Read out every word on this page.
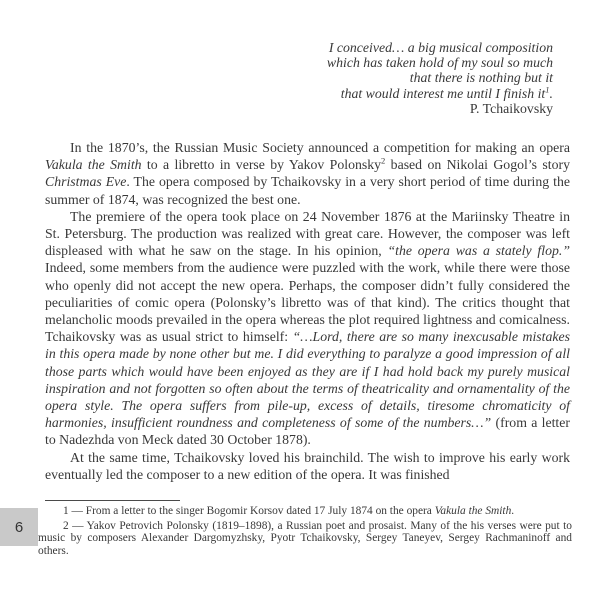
I conceived… a big musical composition
which has taken hold of my soul so much
that there is nothing but it
that would interest me until I finish $it^1$.
P. Tchaikovsky

In the 1870’s, the Russian Music Society announced a competition for making an opera Vakula the Smith to a libretto in verse by Yakov Polonsky$^2$ based on Nikolai Gogol’s story Christmas Eve. The opera composed by Tchaikovsky in a very short period of time during the summer of 1874, was recognized the best one.

The premiere of the opera took place on 24 November 1876 at the Mariinsky Theatre in St. Petersburg. The production was realized with great care. However, the composer was left displeased with what he saw on the stage. In his opinion, “the opera was a stately flop.” Indeed, some members from the audience were puzzled with the work, while there were those who openly did not accept the new opera. Perhaps, the composer didn’t fully considered the peculiarities of comic opera (Polonsky’s libretto was of that kind). The critics thought that melancholic moods prevailed in the opera whereas the plot required lightness and comicalness. Tchaikovsky was as usual strict to himself: “…Lord, there are so many inexcusable mistakes in this opera made by none other but me. I did everything to paralyze a good impression of all those parts which would have been enjoyed as they are if I had hold back my purely musical inspiration and not forgotten so often about the terms of theatricality and ornamentality of the opera style. The opera suffers from pile-up, excess of details, tiresome chromaticity of harmonies, insufficient roundness and completeness of some of the numbers…” (from a letter to Nadezhda von Meck dated 30 October 1878).

At the same time, Tchaikovsky loved his brainchild. The wish to improve his early work eventually led the composer to a new edition of the opera. It was finished

1 — From a letter to the singer Bogomir Korsov dated 17 July 1874 on the opera Vakula the Smith.

2 — Yakov Petrovich Polonsky (1819–1898), a Russian poet and prosaist. Many of the his verses were put to music by composers Alexander Dargomyzhsky, Pyotr Tchaikovsky, Sergey Taneyev, Sergey Rachmaninoff and others.

6
